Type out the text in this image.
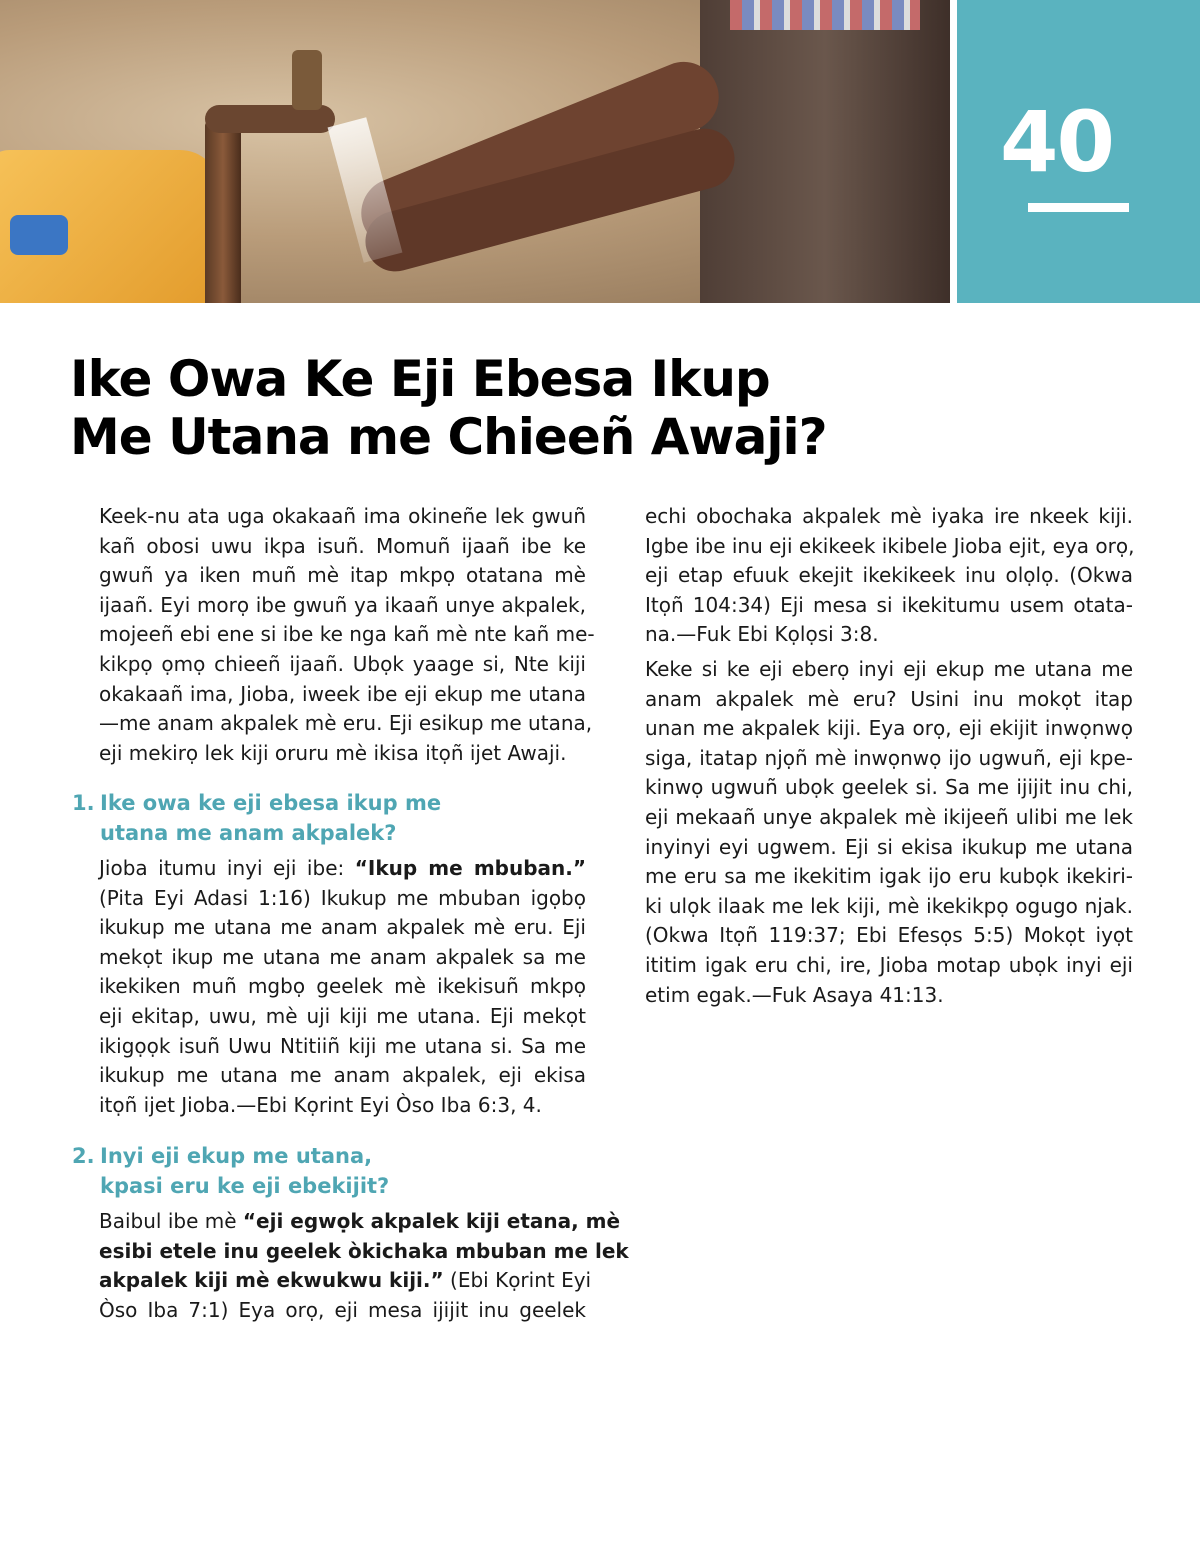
40
Ike Owa Ke Eji Ebesa Ikup
Me Utana me Chieeñ Awaji?
Keek-nu ata uga okakaañ ima okineñe lek gwuñ
kañ obosi uwu ikpa isuñ. Momuñ ijaañ ibe ke
gwuñ ya iken muñ mè itap mkpọ otatana mè
ijaañ. Eyi morọ ibe gwuñ ya ikaañ unye akpalek,
mojeeñ ebi ene si ibe ke nga kañ mè nte kañ me-
kikpọ ọmọ chieeñ ijaañ. Ubọk yaage si, Nte kiji
okakaañ ima, Jioba, iweek ibe eji ekup me utana
—me anam akpalek mè eru. Eji esikup me utana,
eji mekirọ lek kiji oruru mè ikisa itọñ ijet Awaji.
1. Ike owa ke eji ebesa ikup me
utana me anam akpalek?
Jioba itumu inyi eji ibe: “Ikup me mbuban.”
(Pita Eyi Adasi 1:16) Ikukup me mbuban igọbọ
ikukup me utana me anam akpalek mè eru. Eji
mekọt ikup me utana me anam akpalek sa me
ikekiken muñ mgbọ geelek mè ikekisuñ mkpọ
eji ekitap, uwu, mè uji kiji me utana. Eji mekọt
ikigọọk isuñ Uwu Ntitiiñ kiji me utana si. Sa me
ikukup me utana me anam akpalek, eji ekisa
itọñ ijet Jioba.—Ebi Kọrint Eyi Òso Iba 6:3, 4.
2. Inyi eji ekup me utana,
kpasi eru ke eji ebekijit?
Baibul ibe mè “eji egwọk akpalek kiji etana, mè
esibi etele inu geelek òkichaka mbuban me lek
akpalek kiji mè ekwukwu kiji.” (Ebi Kọrint Eyi
Òso Iba 7:1) Eya orọ, eji mesa ijijit inu geelek
echi obochaka akpalek mè iyaka ire nkeek kiji.
Igbe ibe inu eji ekikeek ikibele Jioba ejit, eya orọ,
eji etap efuuk ekejit ikekikeek inu olọlọ. (Okwa
Itọñ 104:34) Eji mesa si ikekitumu usem otata-
na.—Fuk Ebi Kọlọsi 3:8.
Keke si ke eji eberọ inyi eji ekup me utana me
anam akpalek mè eru? Usini inu mokọt itap
unan me akpalek kiji. Eya orọ, eji ekijit inwọnwọ
siga, itatap njọñ mè inwọnwọ ijo ugwuñ, eji kpe-
kinwọ ugwuñ ubọk geelek si. Sa me ijijit inu chi,
eji mekaañ unye akpalek mè ikijeeñ ulibi me lek
inyinyi eyi ugwem. Eji si ekisa ikukup me utana
me eru sa me ikekitim igak ijo eru kubọk ikekiri-
ki ulọk ilaak me lek kiji, mè ikekikpọ ogugo njak.
(Okwa Itọñ 119:37; Ebi Efesọs 5:5) Mokọt iyọt
ititim igak eru chi, ire, Jioba motap ubọk inyi eji
etim egak.—Fuk Asaya 41:13.
